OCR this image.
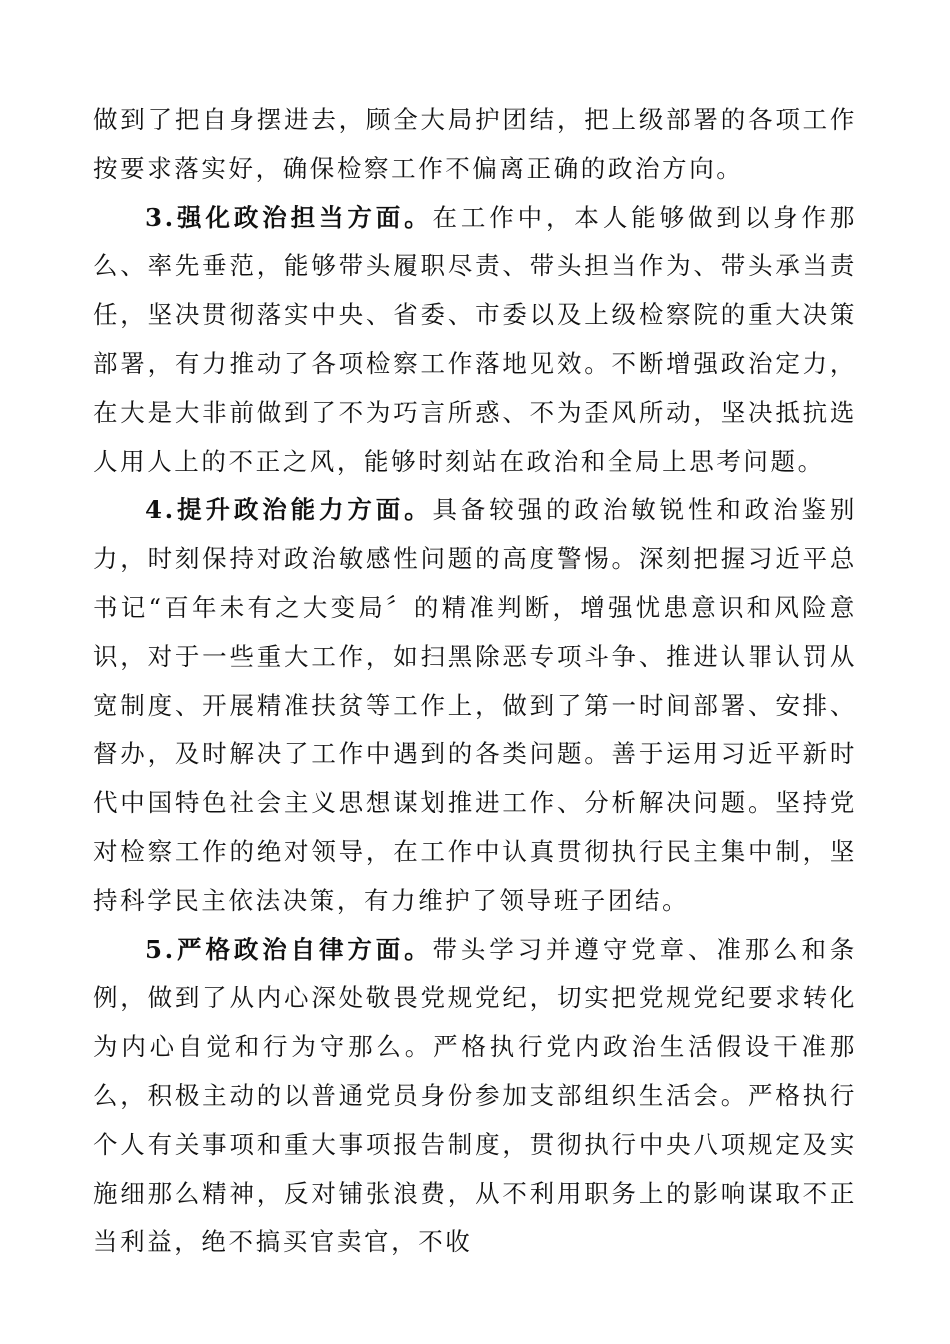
做到了把自身摆进去，顾全大局护团结，把上级部署的各项工作按要求落实好，确保检察工作不偏离正确的政治方向。

3.强化政治担当方面。在工作中，本人能够做到以身作那么、率先垂范，能够带头履职尽责、带头担当作为、带头承当责任，坚决贯彻落实中央、省委、市委以及上级检察院的重大决策部署，有力推动了各项检察工作落地见效。不断增强政治定力，在大是大非前做到了不为巧言所惑、不为歪风所动，坚决抵抗选人用人上的不正之风，能够时刻站在政治和全局上思考问题。

4.提升政治能力方面。具备较强的政治敏锐性和政治鉴别力，时刻保持对政治敏感性问题的高度警惕。深刻把握习近平总书记“百年未有之大变局〞的精准判断，增强忧患意识和风险意识，对于一些重大工作，如扫黑除恶专项斗争、推进认罪认罚从宽制度、开展精准扶贫等工作上，做到了第一时间部署、安排、督办，及时解决了工作中遇到的各类问题。善于运用习近平新时代中国特色社会主义思想谋划推进工作、分析解决问题。坚持党对检察工作的绝对领导，在工作中认真贯彻执行民主集中制，坚持科学民主依法决策，有力维护了领导班子团结。

5.严格政治自律方面。带头学习并遵守党章、准那么和条例，做到了从内心深处敬畏党规党纪，切实把党规党纪要求转化为内心自觉和行为守那么。严格执行党内政治生活假设干准那么，积极主动的以普通党员身份参加支部组织生活会。严格执行个人有关事项和重大事项报告制度，贯彻执行中央八项规定及实施细那么精神，反对铺张浪费，从不利用职务上的影响谋取不正当利益，绝不搞买官卖官，不收
